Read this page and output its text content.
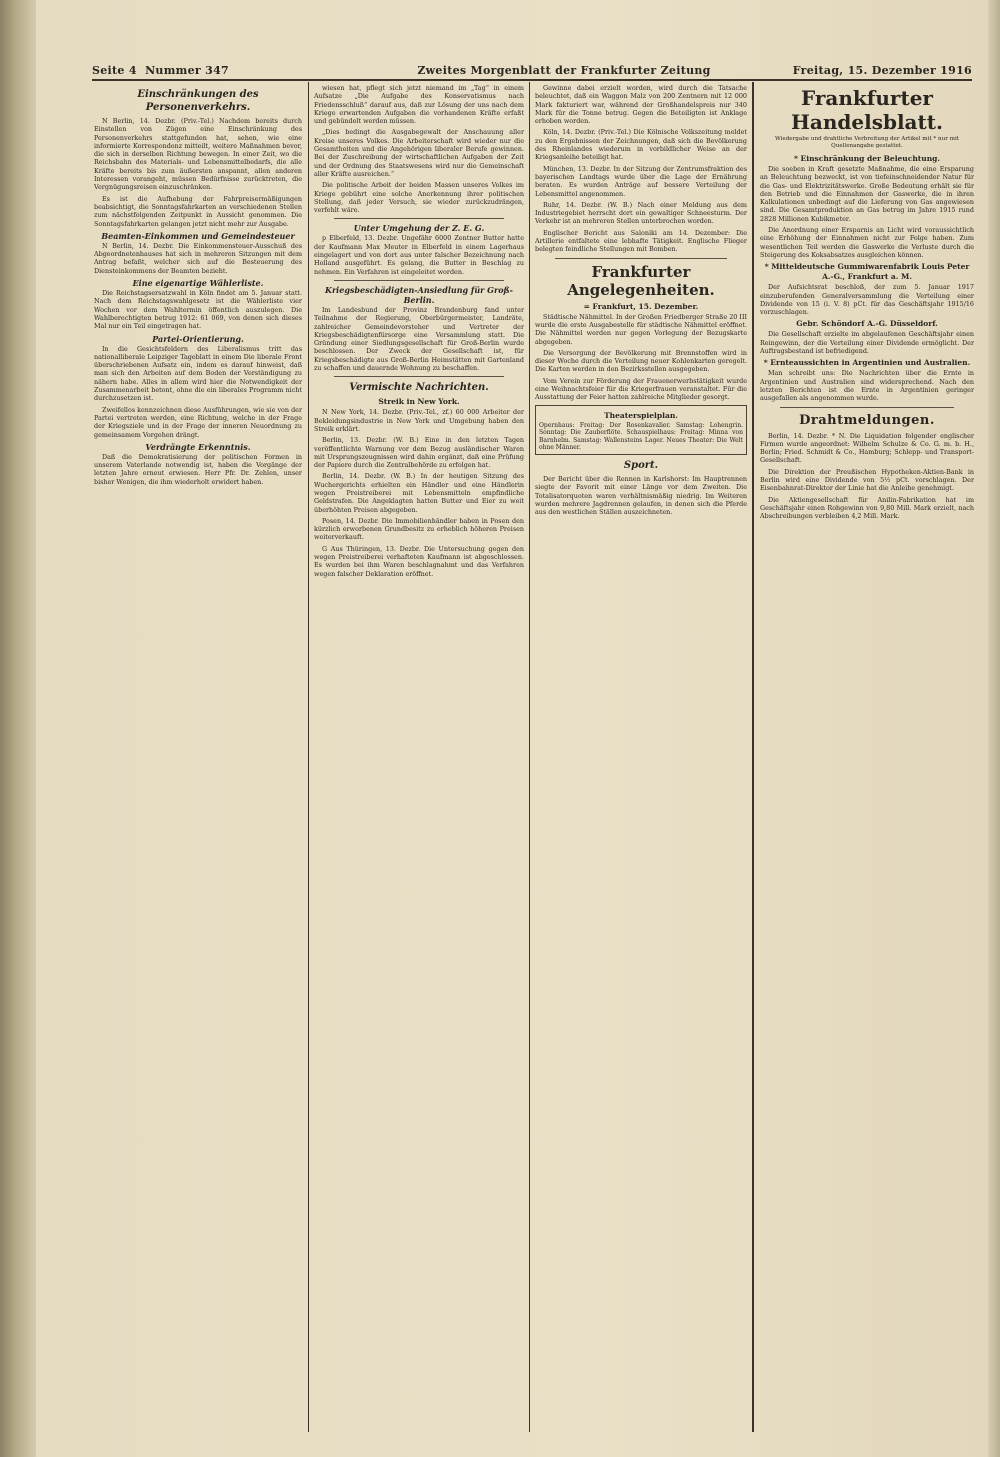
Seite 4 Nummer 347	Zweites Morgenblatt der Frankfurter Zeitung	Freitag, 15. Dezember 1916
Einschränkungen des Personenverkehrs.

N Berlin, 14. Dezbr. (Priv.-Tel.) Nachdem bereits durch Einstellen von Zügen eine Einschränkung des Personenverkehrs stattgefunden hat, sehen, wie eine informierte Korrespondenz mitteilt, weitere Maßnahmen bevor, die sich in derselben Richtung bewegen. In einer Zeit, wo die Reichsbahn des Materials- und Lebensmittelbedarfs, die alle Kräfte bereits bis zum äußersten anspannt, allen anderen Interessen vorangeht, müssen Bedürfnisse zurücktreten, die Vergnügungsreisen einzuschränken.

Es ist die Aufhebung der Fahrpreisermäßigungen beabsichtigt, die Sonntagsfahrkarten an verschiedenen Stellen zum nächstfolgenden Zeitpunkt in Aussicht genommen. Die Sonntagsfahrkarten gelangen jetzt nicht mehr zur Ausgabe.

Beamten-Einkommen und Gemeindesteuer

N Berlin, 14. Dezbr. Die Einkommensteuer-Ausschuß des Abgeordnetenhauses hat sich in mehreren Sitzungen mit dem Antrag befaßt, welcher sich auf die Besteuerung des Diensteinkommens der Beamten bezieht.

Eine eigenartige Wählerliste.

Die Reichstagsersatzwahl in Köln findet am 5. Januar statt. Nach dem Reichstagswahlgesetz ist die Wählerliste vier Wochen vor dem Wahltermin öffentlich auszulegen. Die Wahlberechtigten betrug 1912: 61 069, von denen sich dieses Mal nur ein Teil eingetragen hat.

Partei-Orientierung.

In die Gesichtsfeldern des Liberalismus tritt das nationalliberale Leipziger Tageblatt in einem Die liberale Front überschriebenen Aufsatz ein, indem es darauf hinweist, daß man sich den Arbeiten auf dem Boden der Verständigung zu nähern habe. Alles in allem wird hier die Notwendigkeit der Zusammenarbeit betont, ohne die ein liberales Programm nicht durchzusetzen ist.

Zweifellos kennzeichnen diese Ausführungen, wie sie von der Partei vertreten werden, eine Richtung, welche in der Frage der Kriegsziele und in der Frage der inneren Neuordnung zu gemeinsamem Vorgehen drängt.

Verdrängte Erkenntnis.

Daß die Demokratisierung der politischen Formen in unserem Vaterlande notwendig ist, haben die Vorgänge der letzten Jahre erneut erwiesen. Herr Pfr. Dr. Zehlen, unser bisher Wenigen, die ihm wiederholt erwidert haben.

wiesen hat, pflegt sich jetzt niemand im „Tag“ in einem Aufsatze „Die Aufgabe des Konservatismus nach Friedensschluß“ darauf aus, daß zur Lösung der uns nach dem Kriege erwartenden Aufgaben die vorhandenen Kräfte erfaßt und gebündelt werden müssen.

„Dies bedingt die Ausgabegewalt der Anschauung aller Kreise unseres Volkes. Die Arbeiterschaft wird wieder nur die Gesamtheiten und die Angehörigen liberaler Berufe gewinnen. Bei der Zuschreibung der wirtschaftlichen Aufgaben der Zeit und der Ordnung des Staatswesens wird nur die Gemeinschaft aller Kräfte ausreichen.“

Die politische Arbeit der beiden Massen unseres Volkes im Kriege gebührt eine solche Anerkennung ihrer politischen Stellung, daß jeder Versuch, sie wieder zurückzudrängen, verfehlt wäre.

Unter Umgehung der Z. E. G.

p Elberfeld, 13. Dezbr. Ungefähr 6000 Zentner Butter hatte der Kaufmann Max Meuter in Elberfeld in einem Lagerhaus eingelagert und von dort aus unter falscher Bezeichnung nach Holland ausgeführt. Es gelang, die Butter in Beschlag zu nehmen. Ein Verfahren ist eingeleitet worden.

Kriegsbeschädigten-Ansiedlung für Groß-Berlin.

Im Landesbund der Provinz Brandenburg fand unter Teilnahme der Regierung, Oberbürgermeister, Landräte, zahlreicher Gemeindevorsteher und Vertreter der Kriegsbeschädigtenfürsorge eine Versammlung statt. Die Gründung einer Siedlungsgesellschaft für Groß-Berlin wurde beschlossen. Der Zweck der Gesellschaft ist, für Kriegsbeschädigte aus Groß-Berlin Heimstätten mit Gartenland zu schaffen und dauernde Wohnung zu beschaffen.

Vermischte Nachrichten.
Streik in New York.

N New York, 14. Dezbr. (Priv.-Tel., zf.) 60 000 Arbeiter der Bekleidungsindustrie in New York und Umgebung haben den Streik erklärt.

Berlin, 13. Dezbr. (W. B.) Eine in den letzten Tagen veröffentlichte Warnung vor dem Bezug ausländischer Waren mit Ursprungszeugnissen wird dahin ergänzt, daß eine Prüfung der Papiere durch die Zentralbehörde zu erfolgen hat.

Berlin, 14. Dezbr. (W. B.) In der heutigen Sitzung des Wuchergerichts erhielten ein Händler und eine Händlerin wegen Preistreiberei mit Lebensmitteln empfindliche Geldstrafen. Die Angeklagten hatten Butter und Eier zu weit überhöhten Preisen abgegeben.

Posen, 14. Dezbr. Die Immobilienhändler haben in Posen den kürzlich erworbenen Grundbesitz zu erheblich höheren Preisen weiterverkauft.

G Aus Thüringen, 13. Dezbr. Die Untersuchung gegen den wegen Preistreiberei verhafteten Kaufmann ist abgeschlossen. Es wurden bei ihm Waren beschlagnahmt und das Verfahren wegen falscher Deklaration eröffnet.

Gewinne dabei erzielt worden, wird durch die Tatsache beleuchtet, daß ein Waggon Malz von 200 Zentnern mit 12 000 Mark fakturiert war, während der Großhandelspreis nur 340 Mark für die Tonne betrug. Gegen die Beteiligten ist Anklage erhoben worden.

Köln, 14. Dezbr. (Priv.-Tel.) Die Kölnische Volkszeitung meldet zu den Ergebnissen der Zeichnungen, daß sich die Bevölkerung des Rheinlandes wiederum in vorbildlicher Weise an der Kriegsanleihe beteiligt hat.

München, 13. Dezbr. In der Sitzung der Zentrumsfraktion des bayerischen Landtags wurde über die Lage der Ernährung beraten. Es wurden Anträge auf bessere Verteilung der Lebensmittel angenommen.

Ruhr, 14. Dezbr. (W. B.) Nach einer Meldung aus dem Industriegebiet herrscht dort ein gewaltiger Schneesturm. Der Verkehr ist an mehreren Stellen unterbrochen worden.

Englischer Bericht aus Saloniki am 14. Dezember: Die Artillerie entfaltete eine lebhafte Tätigkeit. Englische Flieger belegten feindliche Stellungen mit Bomben.

Frankfurter Angelegenheiten.
= Frankfurt, 15. Dezember.

Städtische Nähmittel. In der Großen Friedberger Straße 20 III wurde die erste Ausgabestelle für städtische Nähmittel eröffnet. Die Nähmittel werden nur gegen Vorlegung der Bezugskarte abgegeben.

Die Versorgung der Bevölkerung mit Brennstoffen wird in dieser Woche durch die Verteilung neuer Kohlenkarten geregelt. Die Karten werden in den Bezirksstellen ausgegeben.

Vom Verein zur Förderung der Frauenerwerbstätigkeit wurde eine Weihnachtsfeier für die Kriegerfrauen veranstaltet. Für die Ausstattung der Feier hatten zahlreiche Mitglieder gesorgt.

Theaterspielplan.
Opernhaus: Freitag: Der Rosenkavalier. Samstag: Lohengrin. Sonntag: Die Zauberflöte. Schauspielhaus: Freitag: Minna von Barnhelm. Samstag: Wallensteins Lager. Neues Theater: Die Welt ohne Männer.
Sport.

Der Bericht über die Rennen in Karlshorst: Im Hauptrennen siegte der Favorit mit einer Länge vor dem Zweiten. Die Totalisatorquoten waren verhältnismäßig niedrig. Im Weiteren wurden mehrere Jagdrennen gelaufen, in denen sich die Pferde aus den westlichen Ställen auszeichneten.

Frankfurter Handelsblatt.
Wiedergabe und drahtliche Verbreitung der Artikel mit * nur mit Quellenangabe gestattet.
* Einschränkung der Beleuchtung.

Die soeben in Kraft gesetzte Maßnahme, die eine Ersparung an Beleuchtung bezweckt, ist von tiefeinschneidender Natur für die Gas- und Elektrizitätswerke. Große Bedeutung erhält sie für den Betrieb und die Einnahmen der Gaswerke, die in ihren Kalkulationen unbedingt auf die Lieferung von Gas angewiesen sind. Die Gesamtproduktion an Gas betrug im Jahre 1915 rund 2828 Millionen Kubikmeter.

Die Anordnung einer Ersparnis an Licht wird voraussichtlich eine Erhöhung der Einnahmen nicht zur Folge haben. Zum wesentlichen Teil werden die Gaswerke die Verluste durch die Steigerung des Koksabsatzes ausgleichen können.

* Mitteldeutsche Gummiwarenfabrik Louis Peter A.-G., Frankfurt a. M.

Der Aufsichtsrat beschloß, der zum 5. Januar 1917 einzuberufenden Generalversammlung die Verteilung einer Dividende von 15 (i. V. 8) pCt. für das Geschäftsjahr 1915/16 vorzuschlagen.

Gebr. Schöndorf A.-G. Düsseldorf.

Die Gesellschaft erzielte im abgelaufenen Geschäftsjahr einen Reingewinn, der die Verteilung einer Dividende ermöglicht. Der Auftragsbestand ist befriedigend.

* Ernteaussichten in Argentinien und Australien.

Man schreibt uns: Die Nachrichten über die Ernte in Argentinien und Australien sind widersprechend. Nach den letzten Berichten ist die Ernte in Argentinien geringer ausgefallen als angenommen wurde.

Drahtmeldungen.

Berlin, 14. Dezbr. * N. Die Liquidation folgender englischer Firmen wurde angeordnet: Wilhelm Schulze & Co. G. m. b. H., Berlin; Fried. Schmidt & Co., Hamburg; Schlepp- und Transport-Gesellschaft.

Die Direktion der Preußischen Hypotheken-Aktien-Bank in Berlin wird eine Dividende von 5½ pCt. vorschlagen. Der Eisenbahnrat-Direktor der Linie hat die Anleihe genehmigt.

Die Aktiengesellschaft für Anilin-Fabrikation hat im Geschäftsjahr einen Rohgewinn von 9,80 Mill. Mark erzielt, nach Abschreibungen verbleiben 4,2 Mill. Mark.
